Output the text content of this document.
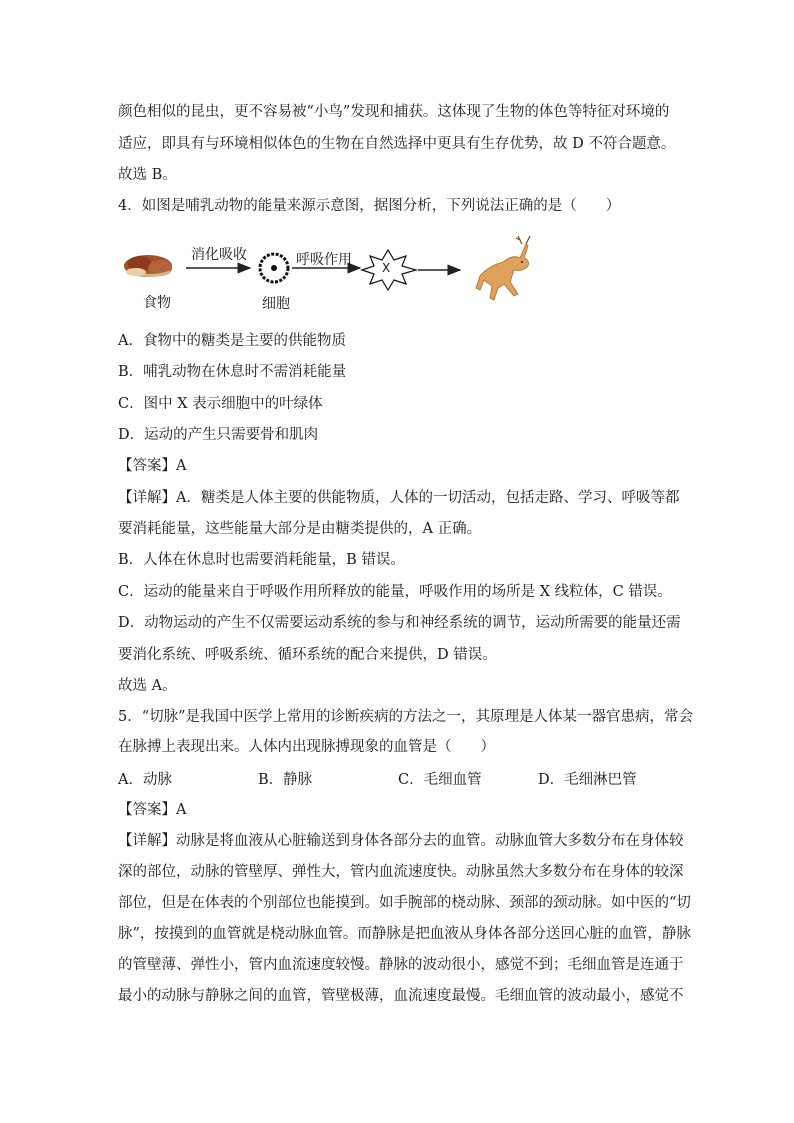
颜色相似的昆虫，更不容易被“小鸟”发现和捕获。这体现了生物的体色等特征对环境的
适应，即具有与环境相似体色的生物在自然选择中更具有生存优势，故 D 不符合题意。
故选 B。
4．如图是哺乳动物的能量来源示意图，据图分析，下列说法正确的是（　　）
消化吸收	呼吸作用	X
食物	细胞
A．食物中的糖类是主要的供能物质
B．哺乳动物在休息时不需消耗能量
C．图中 X 表示细胞中的叶绿体
D．运动的产生只需要骨和肌肉
【答案】A
【详解】A．糖类是人体主要的供能物质，人体的一切活动，包括走路、学习、呼吸等都
要消耗能量，这些能量大部分是由糖类提供的，A 正确。
B．人体在休息时也需要消耗能量，B 错误。
C．运动的能量来自于呼吸作用所释放的能量，呼吸作用的场所是 X 线粒体，C 错误。
D．动物运动的产生不仅需要运动系统的参与和神经系统的调节，运动所需要的能量还需
要消化系统、呼吸系统、循环系统的配合来提供，D 错误。
故选 A。
5．“切脉”是我国中医学上常用的诊断疾病的方法之一，其原理是人体某一器官患病，常会
在脉搏上表现出来。人体内出现脉搏现象的血管是（　　）
A．动脉	B．静脉	C．毛细血管	D．毛细淋巴管
【答案】A
【详解】动脉是将血液从心脏输送到身体各部分去的血管。动脉血管大多数分布在身体较
深的部位，动脉的管壁厚、弹性大，管内血流速度快。动脉虽然大多数分布在身体的较深
部位，但是在体表的个别部位也能摸到。如手腕部的桡动脉、颈部的颈动脉。如中医的“切
脉”，按摸到的血管就是桡动脉血管。而静脉是把血液从身体各部分送回心脏的血管，静脉
的管壁薄、弹性小，管内血流速度较慢。静脉的波动很小，感觉不到；毛细血管是连通于
最小的动脉与静脉之间的血管，管壁极薄，血流速度最慢。毛细血管的波动最小，感觉不
